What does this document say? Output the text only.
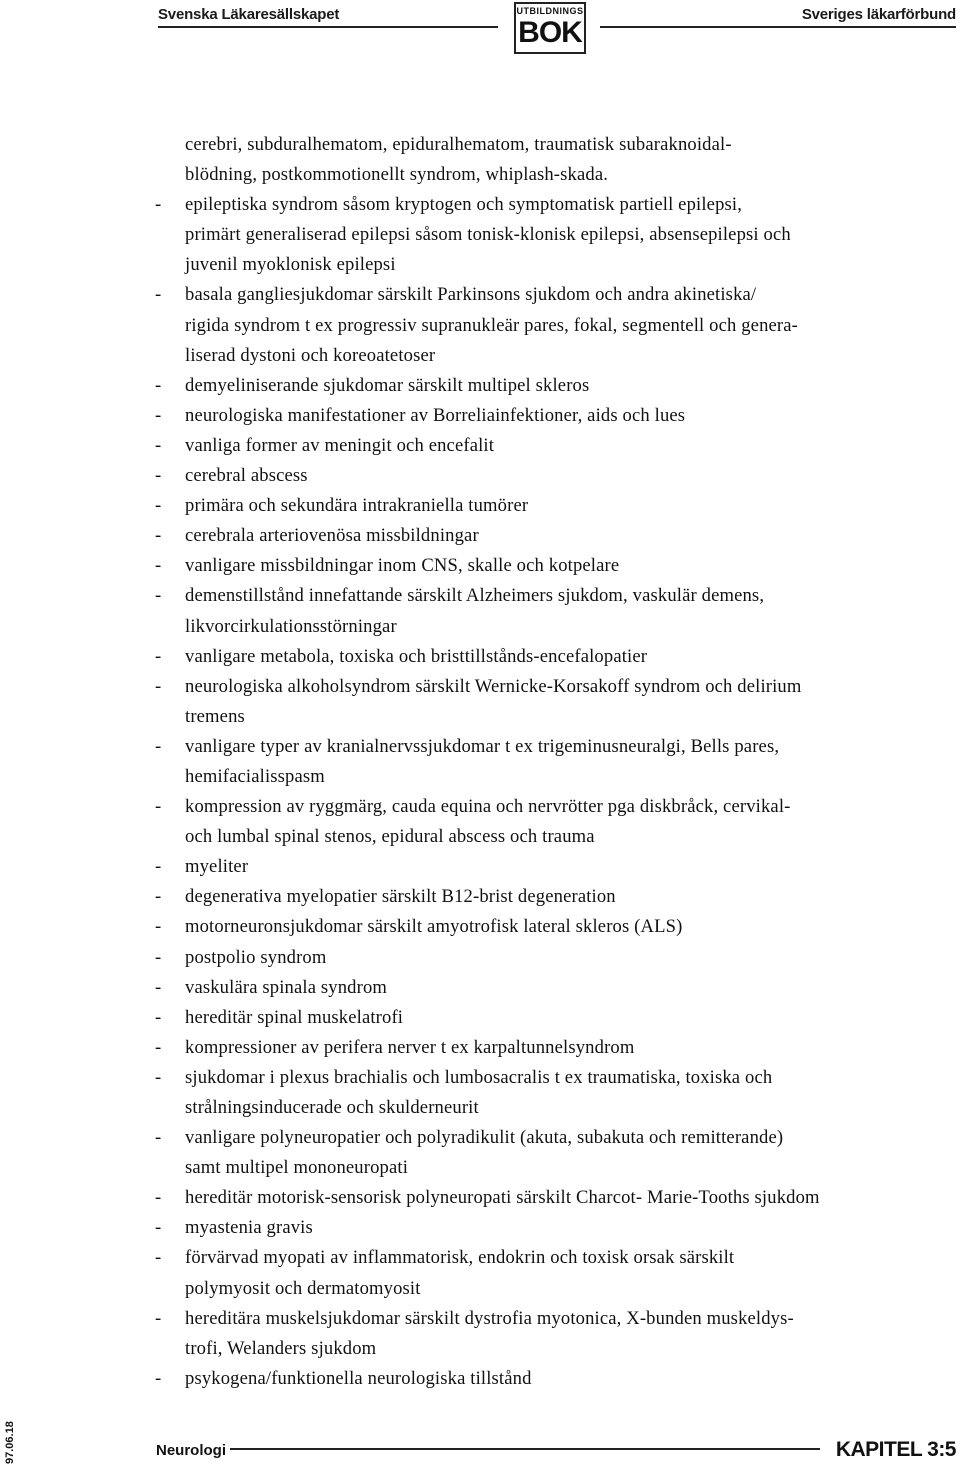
Svenska Läkaresällskapet	UTBILDNINGS
BOK
Sveriges läkarförbund
cerebri, subduralhematom, epiduralhematom, traumatisk subaraknoidal-
blödning, postkommotionellt syndrom, whiplash-skada.
- epileptiska syndrom såsom kryptogen och symptomatisk partiell epilepsi,
primärt generaliserad epilepsi såsom tonisk-klonisk epilepsi, absensepilepsi och
juvenil myoklonisk epilepsi
- basala gangliesjukdomar särskilt Parkinsons sjukdom och andra akinetiska/
rigida syndrom t ex progressiv supranukleär pares, fokal, segmentell och genera-
liserad dystoni och koreoatetoser
- demyeliniserande sjukdomar särskilt multipel skleros
- neurologiska manifestationer av Borreliainfektioner, aids och lues
- vanliga former av meningit och encefalit
- cerebral abscess
- primära och sekundära intrakraniella tumörer
- cerebrala arteriovenösa missbildningar
- vanligare missbildningar inom CNS, skalle och kotpelare
- demenstillstånd innefattande särskilt Alzheimers sjukdom, vaskulär demens,
likvorcirkulationsstörningar
- vanligare metabola, toxiska och bristtillstånds-encefalopatier
- neurologiska alkoholsyndrom särskilt Wernicke-Korsakoff syndrom och delirium
tremens
- vanligare typer av kranialnervssjukdomar t ex trigeminusneuralgi, Bells pares,
hemifacialisspasm
- kompression av ryggmärg, cauda equina och nervrötter pga diskbråck, cervikal-
och lumbal spinal stenos, epidural abscess och trauma
- myeliter
- degenerativa myelopatier särskilt B12-brist degeneration
- motorneuronsjukdomar särskilt amyotrofisk lateral skleros (ALS)
- postpolio syndrom
- vaskulära spinala syndrom
- hereditär spinal muskelatrofi
- kompressioner av perifera nerver t ex karpaltunnelsyndrom
- sjukdomar i plexus brachialis och lumbosacralis t ex traumatiska, toxiska och
strålningsinducerade och skulderneurit
- vanligare polyneuropatier och polyradikulit (akuta, subakuta och remitterande)
samt multipel mononeuropati
- hereditär motorisk-sensorisk polyneuropati särskilt Charcot- Marie-Tooths sjukdom
- myastenia gravis
- förvärvad myopati av inflammatorisk, endokrin och toxisk orsak särskilt
polymyosit och dermatomyosit
- hereditära muskelsjukdomar särskilt dystrofia myotonica, X-bunden muskeldys-
trofi, Welanders sjukdom
- psykogena/funktionella neurologiska tillstånd
Neurologi	KAPITEL 3:5
97.06.18
